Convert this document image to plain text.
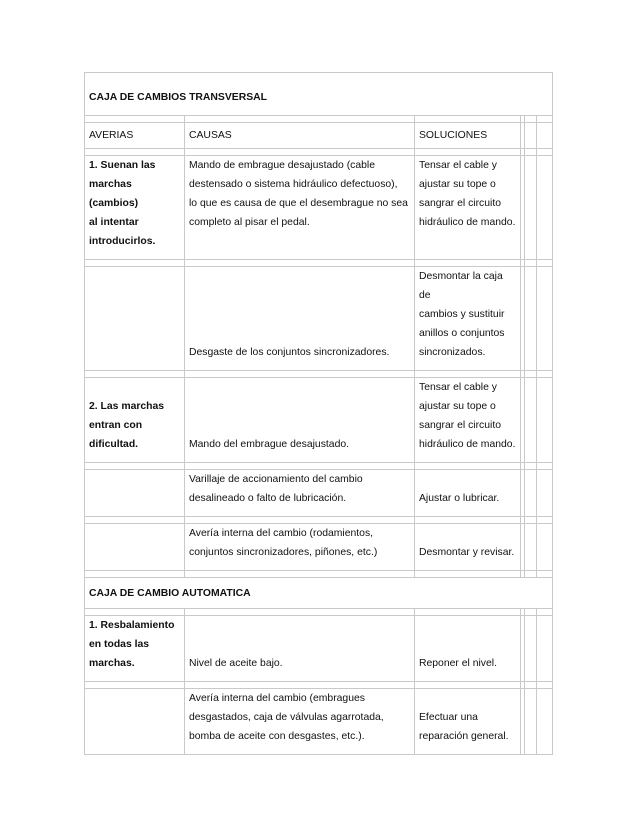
CAJA DE CAMBIOS TRANSVERSAL					

AVERIAS	CAUSAS	SOLUCIONES			

1. Suenan las
marchas (cambios)
al intentar
introducirlos.	Mando de embrague desajustado (cable
destensado o sistema hidráulico defectuoso),
lo que es causa de que el desembrague no sea
completo al pisar el pedal.	Tensar el cable y
ajustar su tope o
sangrar el circuito
hidráulico de mando.			

	Desgaste de los conjuntos sincronizadores.	Desmontar la caja de
cambios y sustituir
anillos o conjuntos
sincronizados.			

2. Las marchas
entran con
dificultad.	Mando del embrague desajustado.	Tensar el cable y
ajustar su tope o
sangrar el circuito
hidráulico de mando.			

	Varillaje de accionamiento del cambio
desalineado o falto de lubricación.	Ajustar o lubricar.			

	Avería interna del cambio (rodamientos,
conjuntos sincronizadores, piñones, etc.)	Desmontar y revisar.			

CAJA DE CAMBIO AUTOMATICA					

1. Resbalamiento
en todas las
marchas.	Nivel de aceite bajo.	Reponer el nivel.			

	Avería interna del cambio (embragues
desgastados, caja de válvulas agarrotada,
bomba de aceite con desgastes, etc.).	Efectuar una
reparación general.			
